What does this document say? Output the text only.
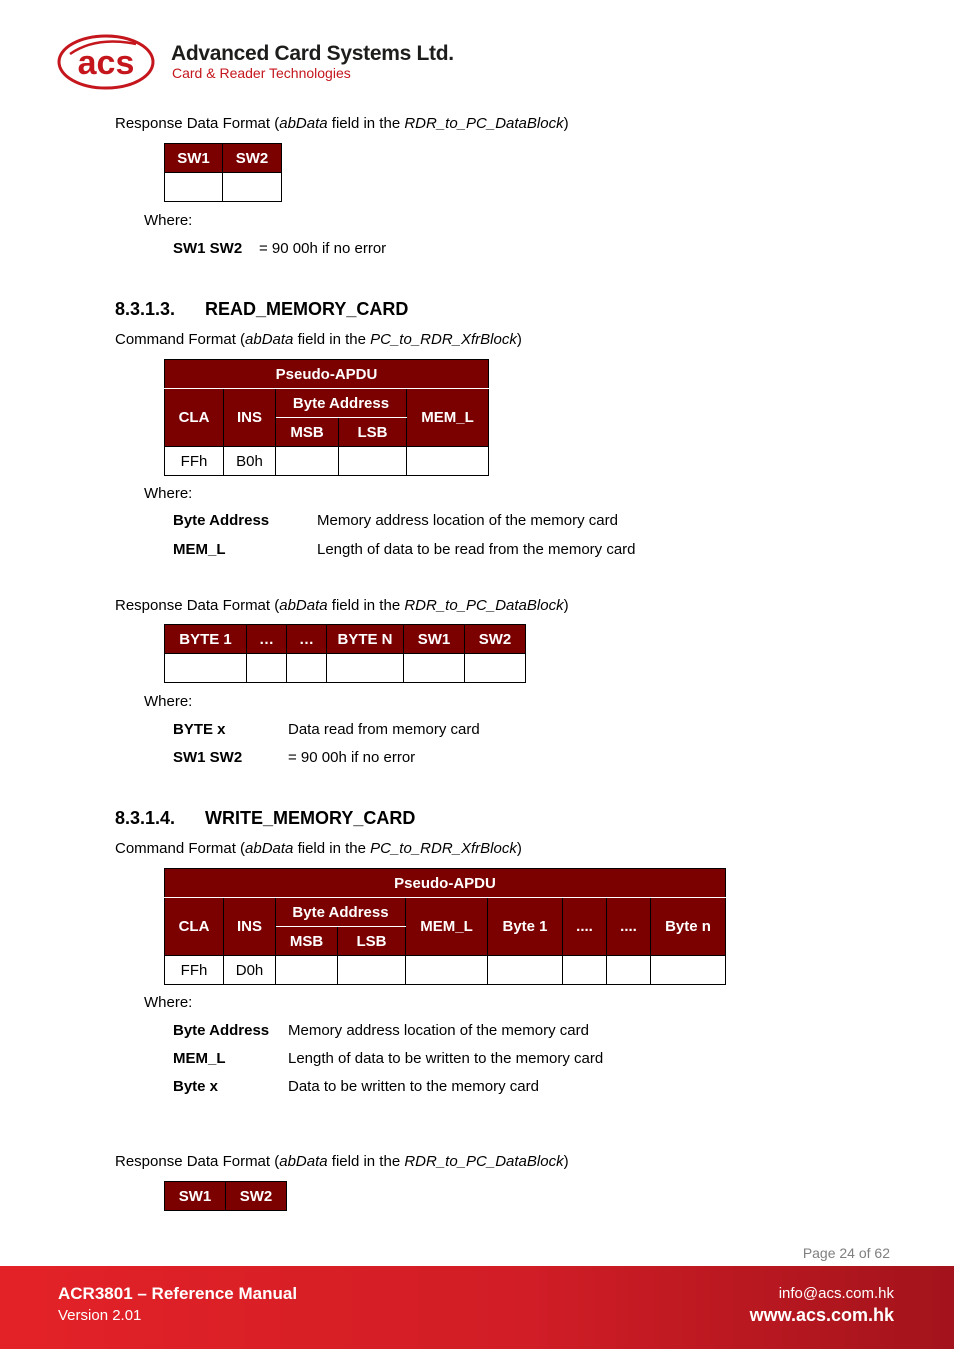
acs Advanced Card Systems Ltd.
Card & Reader Technologies
Response Data Format (abData field in the RDR_to_PC_DataBlock)
SW1	SW2

Where:
SW1 SW2 = 90 00h if no error
8.3.1.3. READ_MEMORY_CARD
Command Format (abData field in the PC_to_RDR_XfrBlock)
Pseudo-APDU				
CLA	INS	Byte Address		MEM_L
		MSB	LSB	
FFh	B0h			
Where:
Byte Address	Memory address location of the memory card
MEM_L	Length of data to be read from the memory card
Response Data Format (abData field in the RDR_to_PC_DataBlock)
BYTE 1	…	…	BYTE N	SW1	SW2

Where:
BYTE x	Data read from memory card
SW1 SW2	= 90 00h if no error
8.3.1.4. WRITE_MEMORY_CARD
Command Format (abData field in the PC_to_RDR_XfrBlock)
Pseudo-APDU								
CLA	INS	Byte Address		MEM_L	Byte 1	....	....	Byte n
		MSB	LSB					
FFh	D0h							
Where:
Byte Address Memory address location of the memory card
MEM_L	Length of data to be written to the memory card
Byte x	Data to be written to the memory card
Response Data Format (abData field in the RDR_to_PC_DataBlock)
SW1	SW2
Page 24 of 62
ACR3801 – Reference Manual
Version 2.01
info@acs.com.hk
www.acs.com.hk
